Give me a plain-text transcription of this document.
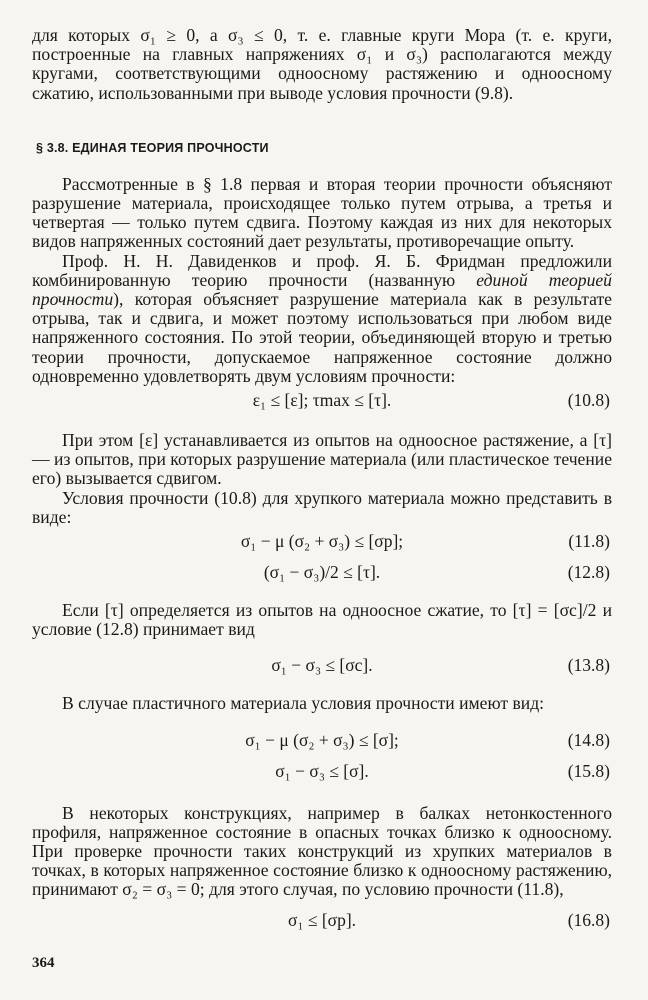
для которых σ₁ ≥ 0, а σ₃ ≤ 0, т. е. главные круги Мора (т. е. круги, построенные на главных напряжениях σ₁ и σ₃) располагаются между кругами, соответствующими одноосному растяжению и одноосному сжатию, использованными при выводе условия прочности (9.8).

§ 3.8. ЕДИНАЯ ТЕОРИЯ ПРОЧНОСТИ

Рассмотренные в § 1.8 первая и вторая теории прочности объясняют разрушение материала, происходящее только путем отрыва, а третья и четвертая — только путем сдвига. Поэтому каждая из них для некоторых видов напряженных состояний дает результаты, противоречащие опыту.

Проф. Н. Н. Давиденков и проф. Я. Б. Фридман предложили комбинированную теорию прочности (названную единой теорией прочности), которая объясняет разрушение материала как в результате отрыва, так и сдвига, и может поэтому использоваться при любом виде напряженного состояния. По этой теории, объединяющей вторую и третью теории прочности, допускаемое напряженное состояние должно одновременно удовлетворять двум условиям прочности:

ε₁ ≤ [ε]; τmax ≤ [τ].	(10.8)

При этом [ε] устанавливается из опытов на одноосное растяжение, а [τ] — из опытов, при которых разрушение материала (или пластическое течение его) вызывается сдвигом.

Условия прочности (10.8) для хрупкого материала можно представить в виде:

σ₁ − μ (σ₂ + σ₃) ≤ [σp];	(11.8)
(σ₁ − σ₃)/2 ≤ [τ].	(12.8)

Если [τ] определяется из опытов на одноосное сжатие, то [τ] = [σc]/2 и условие (12.8) принимает вид

σ₁ − σ₃ ≤ [σc].	(13.8)

В случае пластичного материала условия прочности имеют вид:

σ₁ − μ (σ₂ + σ₃) ≤ [σ];	(14.8)
σ₁ − σ₃ ≤ [σ].	(15.8)

В некоторых конструкциях, например в балках нетонкостенного профиля, напряженное состояние в опасных точках близко к одноосному. При проверке прочности таких конструкций из хрупких материалов в точках, в которых напряженное состояние близко к одноосному растяжению, принимают σ₂ = σ₃ = 0; для этого случая, по условию прочности (11.8),

σ₁ ≤ [σp].	(16.8)
364
